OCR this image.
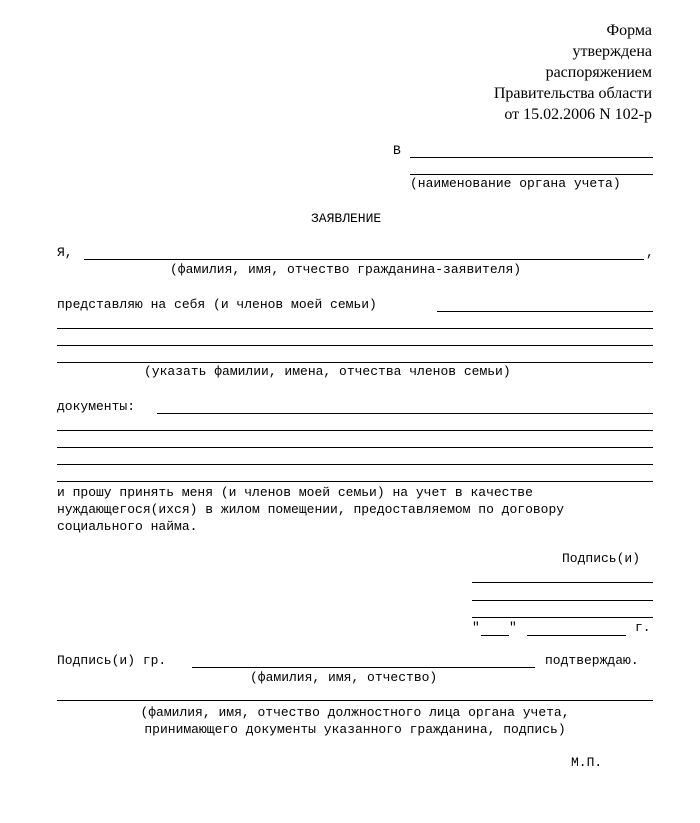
Форма
утверждена
распоряжением
Правительства области
от 15.02.2006 N 102-р
В
(наименование органа учета)
ЗАЯВЛЕНИЕ
Я,	,
(фамилия, имя, отчество гражданина-заявителя)
представляю на себя (и членов моей семьи)
(указать фамилии, имена, отчества членов семьи)
документы:
и прошу принять меня (и членов моей семьи) на учет в качестве
нуждающегося(ихся) в жилом помещении, предоставляемом по договору
социального найма.
Подпись(и)
" "	г.
Подпись(и) гр.	подтверждаю.
(фамилия, имя, отчество)
(фамилия, имя, отчество должностного лица органа учета,
принимающего документы указанного гражданина, подпись)
М.П.
